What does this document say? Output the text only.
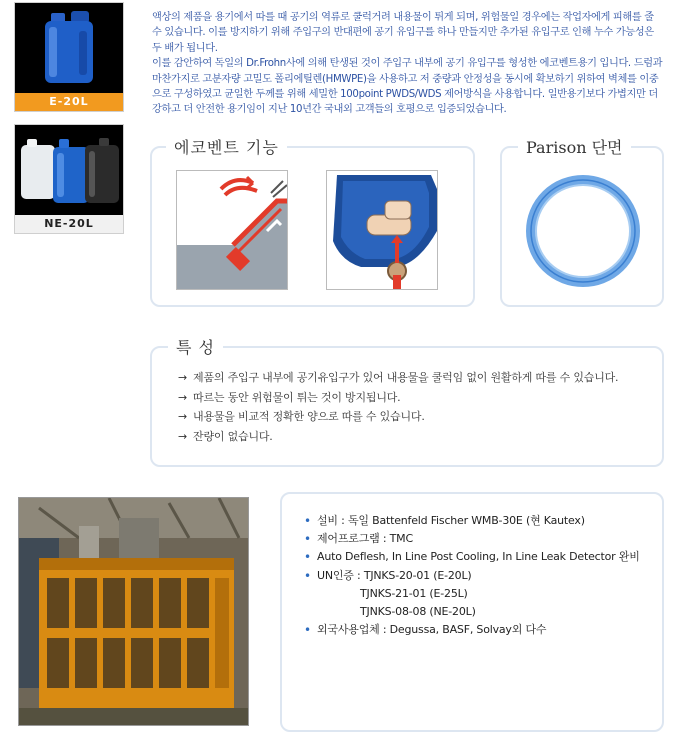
E-20L
NE-20L

액상의 제품을 용기에서 따를 때 공기의 역류로 쿨럭거려 내용물이 튀게 되며, 위험물일 경우에는 작업자에게 피해를 줄 수 있습니다. 이를 방지하기 위해 주입구의 반대편에 공기 유입구를 하나 만들지만 추가된 유입구로 인해 누수 가능성은 두 배가 됩니다.

이를 감안하여 독일의 Dr.Frohn사에 의해 탄생된 것이 주입구 내부에 공기 유입구를 형성한 에코벤트용기 입니다. 드럼과 마찬가지로 고분자량 고밀도 폴리에틸렌(HMWPE)을 사용하고 저 중량과 안정성을 동시에 확보하기 위하여 벽체를 이중으로 구성하였고 균일한 두께를 위해 세밀한 100point PWDS/WDS 제어방식을 사용합니다. 일반용기보다 가볍지만 더 강하고 더 안전한 용기임이 지난 10년간 국내외 고객들의 호평으로 입증되었습니다.

에코벤트 기능	Parison 단면
특 성
→ 제품의 주입구 내부에 공기유입구가 있어 내용물을 쿨럭임 없이 원활하게 따를 수 있습니다.
→ 따르는 동안 위험물이 튀는 것이 방지됩니다.
→ 내용물을 비교적 정확한 양으로 따를 수 있습니다.
→ 잔량이 없습니다.
• 설비 : 독일 Battenfeld Fischer WMB-30E (현 Kautex)
• 제어프로그램 : TMC
• Auto Deflesh, In Line Post Cooling, In Line Leak Detector 완비
• UN인증 : TJNKS-20-01 (E-20L)
TJNKS-21-01 (E-25L)
TJNKS-08-08 (NE-20L)
• 외국사용업체 : Degussa, BASF, Solvay외 다수
